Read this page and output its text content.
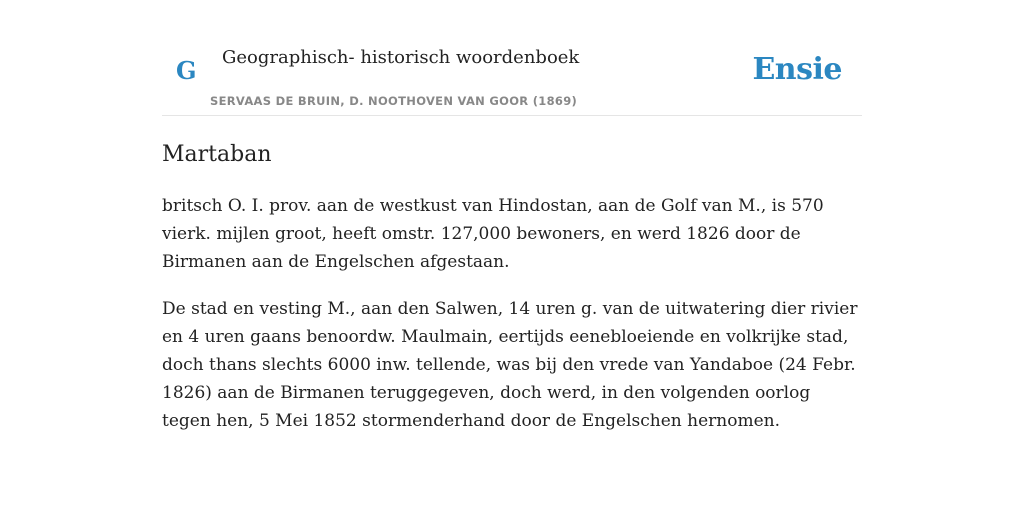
G Geographisch- historisch woordenboek
SERVAAS DE BRUIN, D. NOOTHOVEN VAN GOOR (1869)
Ensie
Martaban

britsch O. I. prov. aan de westkust van Hindostan, aan de Golf van M., is 570 vierk. mijlen groot, heeft omstr. 127,000 bewoners, en werd 1826 door de Birmanen aan de Engelschen afgestaan.

De stad en vesting M., aan den Salwen, 14 uren g. van de uitwatering dier rivier en 4 uren gaans benoordw. Maulmain, eertijds eenebloeiende en volkrijke stad, doch thans slechts 6000 inw. tellende, was bij den vrede van Yandaboe (24 Febr. 1826) aan de Birmanen teruggegeven, doch werd, in den volgenden oorlog tegen hen, 5 Mei 1852 stormenderhand door de Engelschen hernomen.
